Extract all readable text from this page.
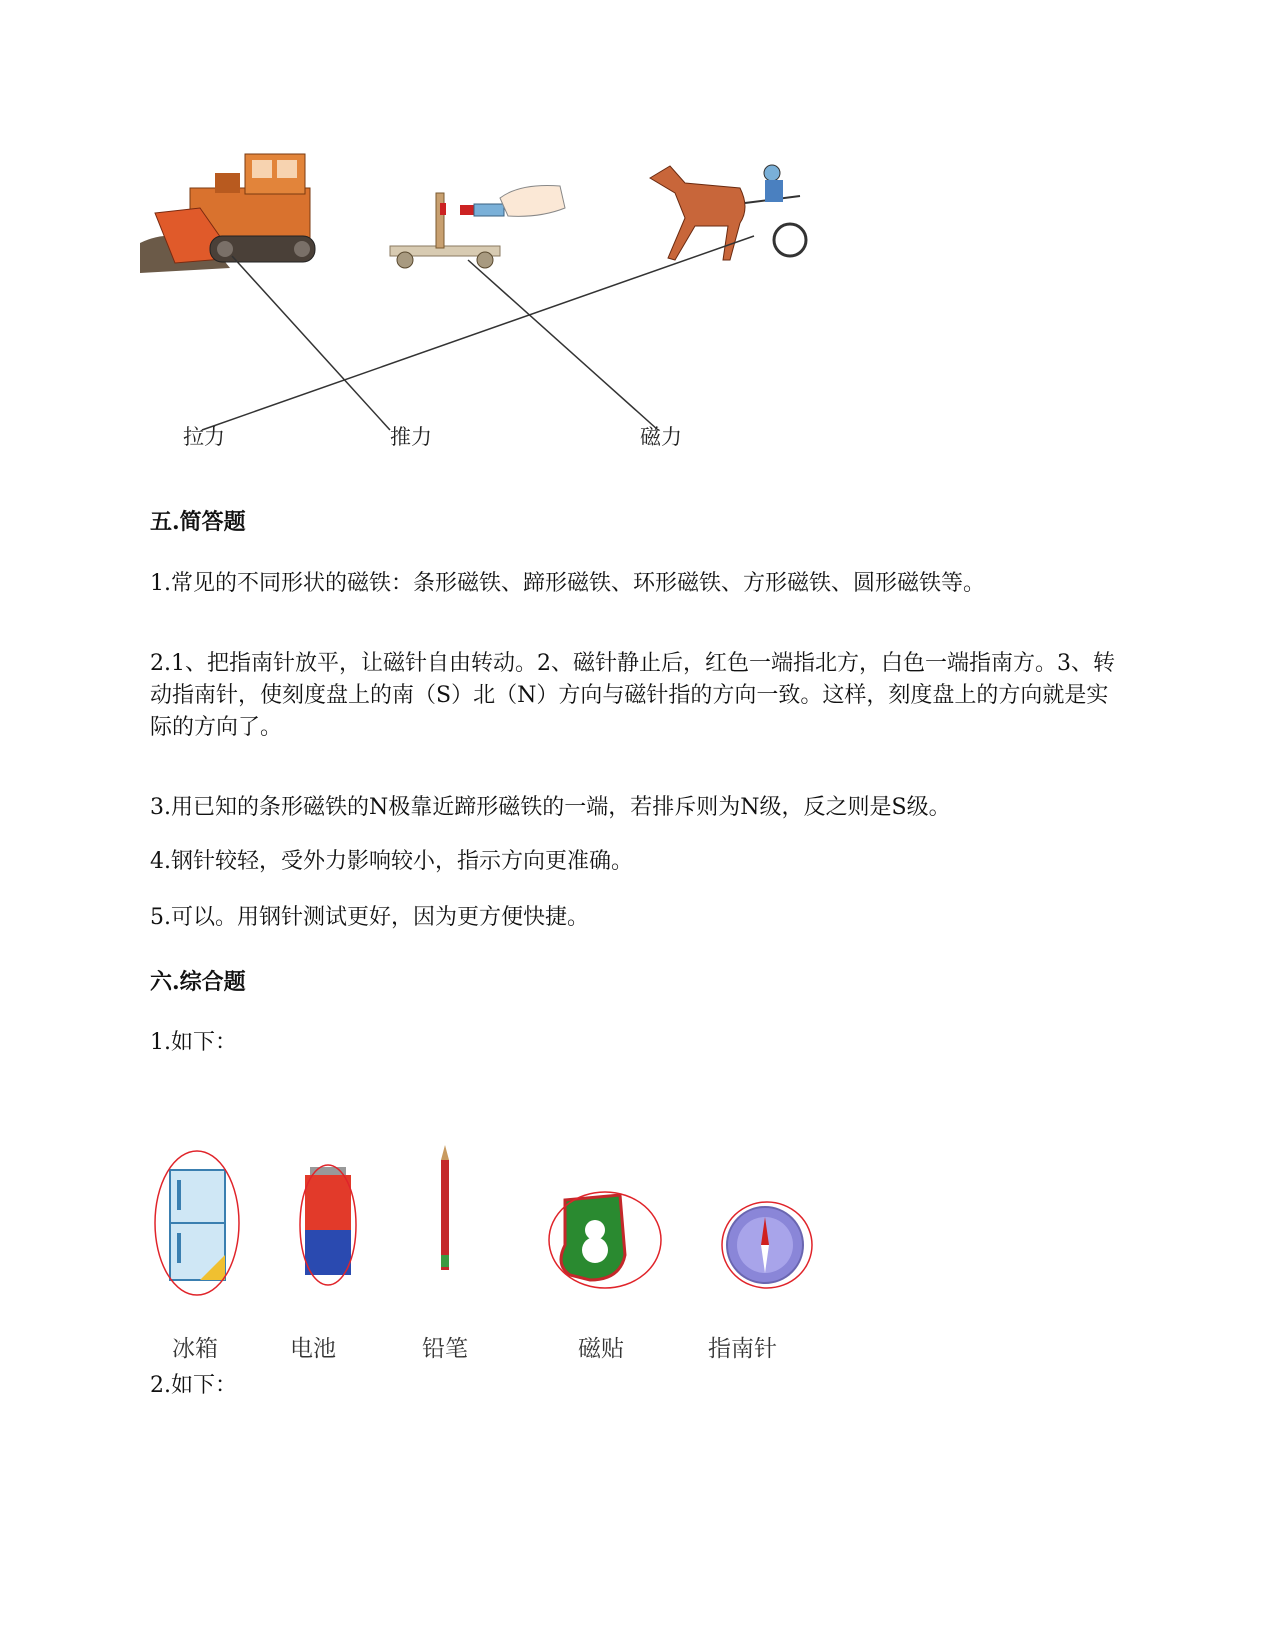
拉力	推力	磁力
五.简答题
1.常见的不同形状的磁铁：条形磁铁、蹄形磁铁、环形磁铁、方形磁铁、圆形磁铁等。
2.1、把指南针放平，让磁针自由转动。2、磁针静止后，红色一端指北方，白色一端指南方。3、转动指南针，使刻度盘上的南（S）北（N）方向与磁针指的方向一致。这样，刻度盘上的方向就是实际的方向了。
3.用已知的条形磁铁的N极靠近蹄形磁铁的一端，若排斥则为N级，反之则是S级。
4.钢针较轻，受外力影响较小，指示方向更准确。
5.可以。用钢针测试更好，因为更方便快捷。
六.综合题
1.如下：
冰箱	电池	铅笔	磁贴	指南针
2.如下：
